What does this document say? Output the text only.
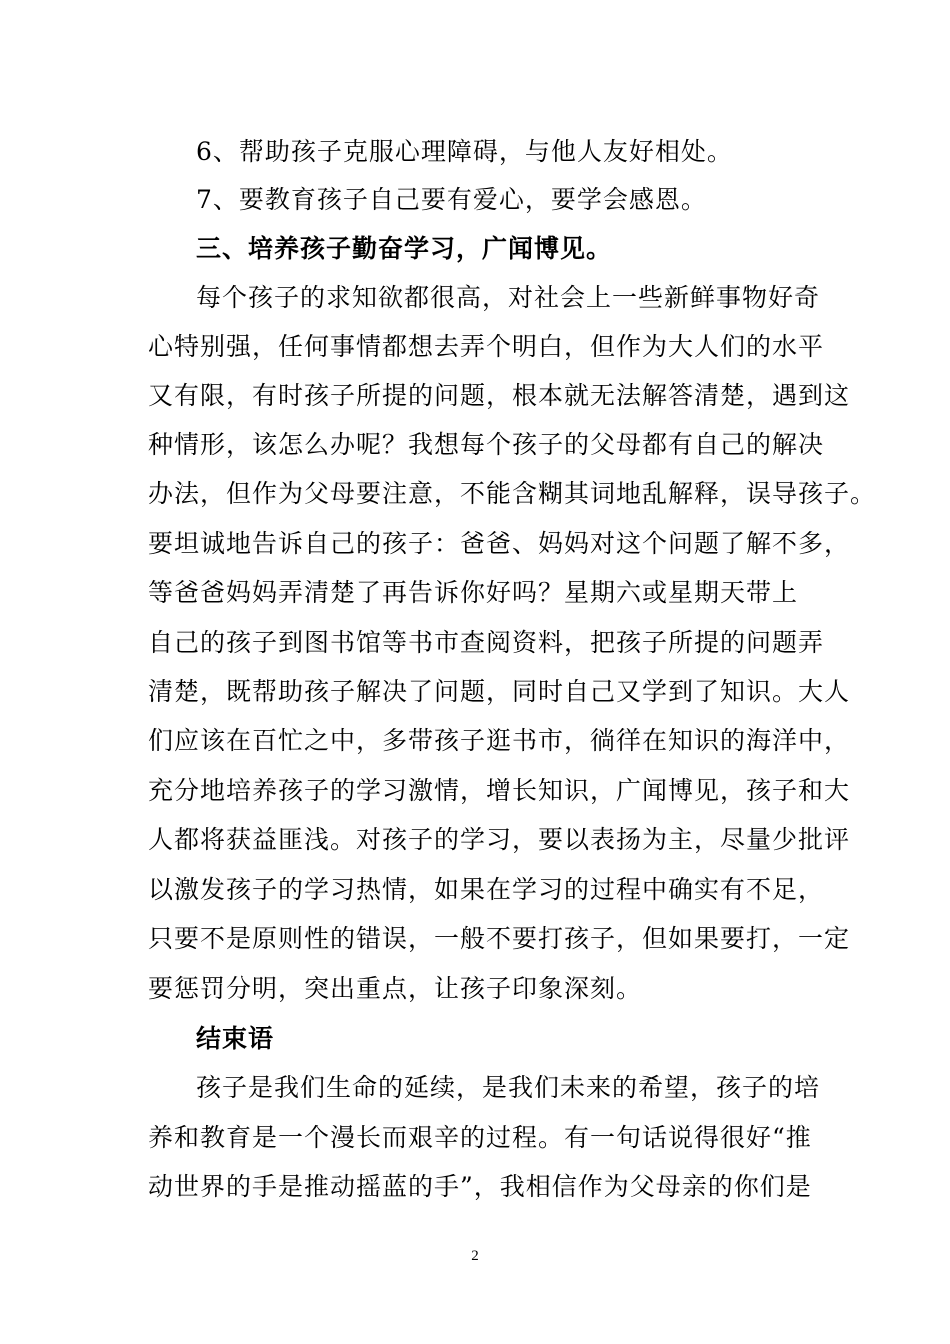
6、帮助孩子克服心理障碍，与他人友好相处。
7、要教育孩子自己要有爱心，要学会感恩。
三、培养孩子勤奋学习，广闻博见。
每个孩子的求知欲都很高，对社会上一些新鲜事物好奇
心特别强，任何事情都想去弄个明白，但作为大人们的水平
又有限，有时孩子所提的问题，根本就无法解答清楚，遇到这
种情形，该怎么办呢？我想每个孩子的父母都有自己的解决
办法，但作为父母要注意，不能含糊其词地乱解释，误导孩子。
要坦诚地告诉自己的孩子：爸爸、妈妈对这个问题了解不多，
等爸爸妈妈弄清楚了再告诉你好吗？星期六或星期天带上
自己的孩子到图书馆等书市查阅资料，把孩子所提的问题弄
清楚，既帮助孩子解决了问题，同时自己又学到了知识。大人
们应该在百忙之中，多带孩子逛书市，徜徉在知识的海洋中，
充分地培养孩子的学习激情，增长知识，广闻博见，孩子和大
人都将获益匪浅。对孩子的学习，要以表扬为主，尽量少批评
以激发孩子的学习热情，如果在学习的过程中确实有不足，
只要不是原则性的错误，一般不要打孩子，但如果要打，一定
要惩罚分明，突出重点，让孩子印象深刻。
结束语
孩子是我们生命的延续，是我们未来的希望，孩子的培
养和教育是一个漫长而艰辛的过程。有一句话说得很好“推
动世界的手是推动摇蓝的手”，我相信作为父母亲的你们是
2
